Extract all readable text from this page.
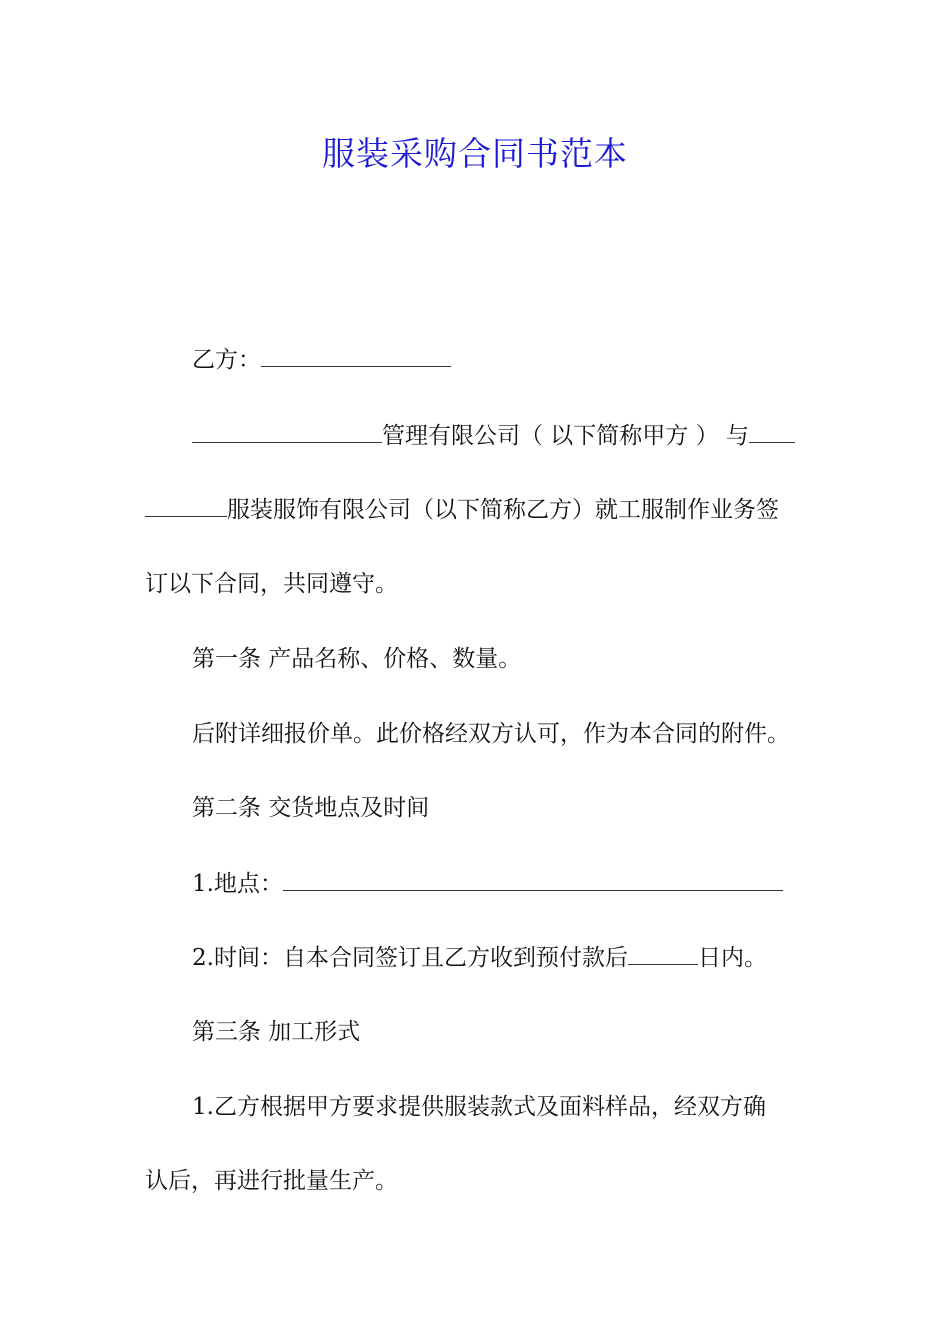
服装采购合同书范本

乙方：

管理有限公司（ 以下简称甲方 ） 与

服装服饰有限公司（以下简称乙方）就工服制作业务签

订以下合同，共同遵守。

第一条 产品名称、价格、数量。

后附详细报价单。此价格经双方认可，作为本合同的附件。

第二条 交货地点及时间

1.地点：

2.时间：自本合同签订且乙方收到预付款后	日内。

第三条 加工形式

1.乙方根据甲方要求提供服装款式及面料样品，经双方确

认后，再进行批量生产。
